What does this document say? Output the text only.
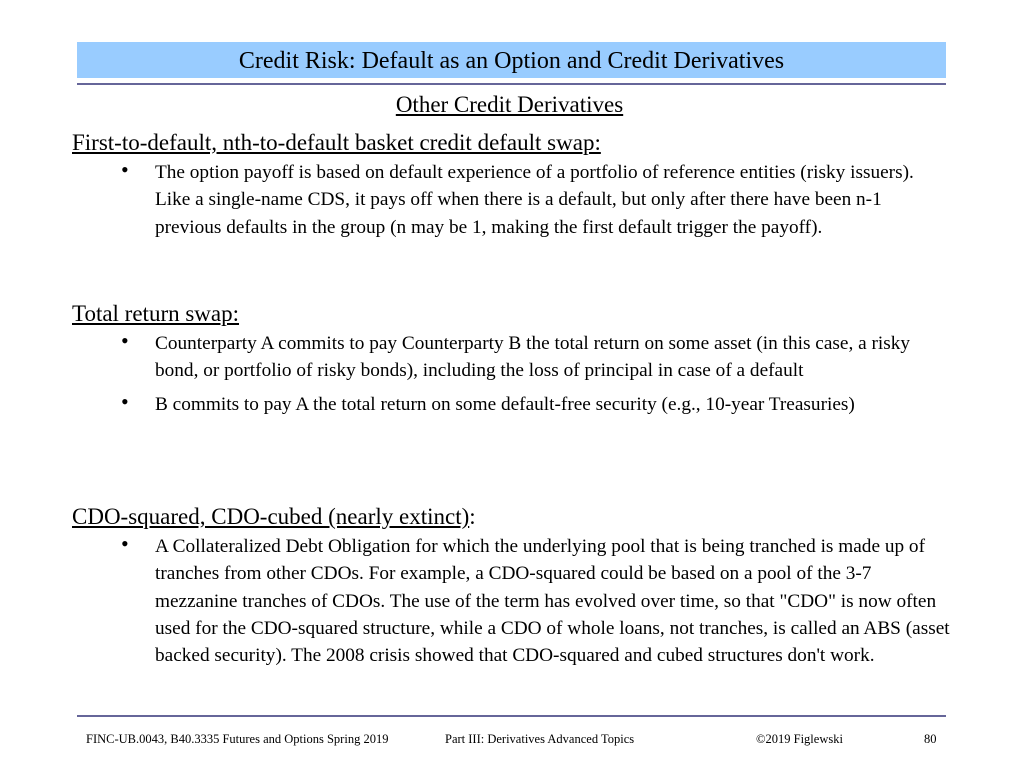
Credit Risk: Default as an Option and Credit Derivatives
Other Credit Derivatives
First-to-default, nth-to-default basket credit default swap:
• The option payoff is based on default experience of a portfolio of reference entities (risky issuers). Like a single-name CDS, it pays off when there is a default, but only after there have been n-1 previous defaults in the group (n may be 1, making the first default trigger the payoff).
Total return swap:
• Counterparty A commits to pay Counterparty B the total return on some asset (in this case, a risky bond, or portfolio of risky bonds), including the loss of principal in case of a default
• B commits to pay A the total return on some default-free security (e.g., 10-year Treasuries)
CDO-squared, CDO-cubed (nearly extinct):
• A Collateralized Debt Obligation for which the underlying pool that is being tranched is made up of tranches from other CDOs. For example, a CDO-squared could be based on a pool of the 3-7 mezzanine tranches of CDOs. The use of the term has evolved over time, so that "CDO" is now often used for the CDO-squared structure, while a CDO of whole loans, not tranches, is called an ABS (asset backed security). The 2008 crisis showed that CDO-squared and cubed structures don't work.
FINC-UB.0043, B40.3335 Futures and Options Spring 2019	Part III: Derivatives Advanced Topics	©2019 Figlewski	80
